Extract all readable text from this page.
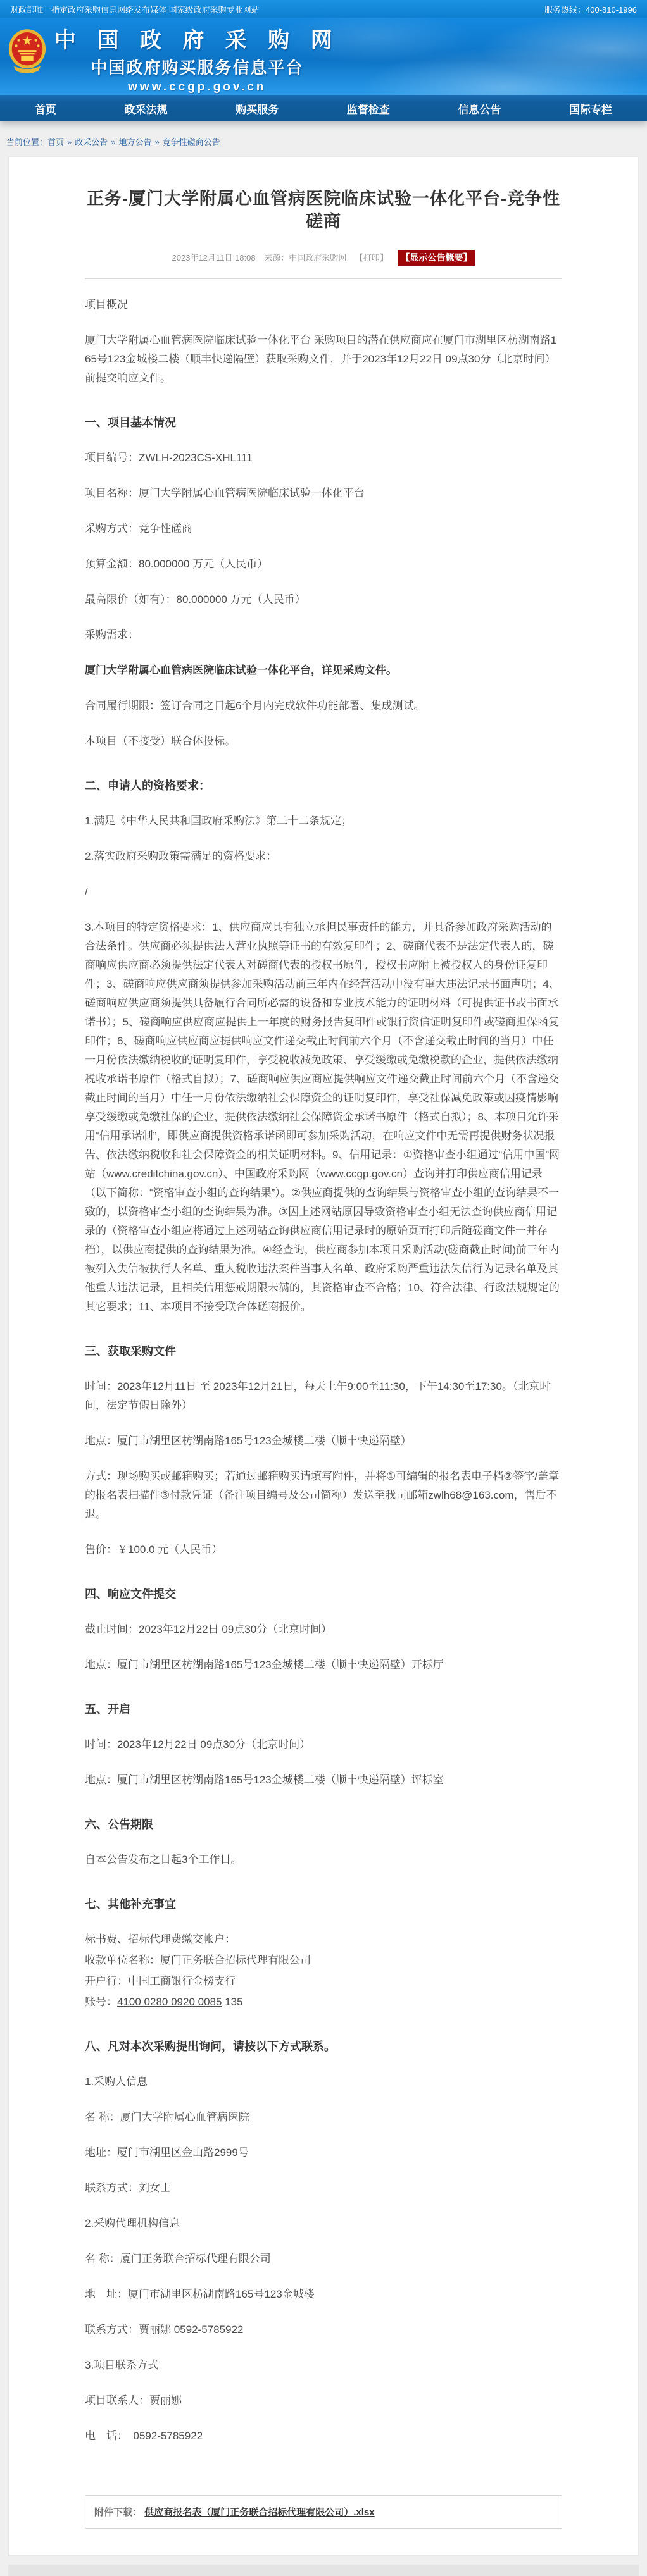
财政部唯一指定政府采购信息网络发布媒体 国家级政府采购专业网站	服务热线：400-810-1996
中 国 政 府 采 购 网
中国政府购买服务信息平台
www.ccgp.gov.cn
首页	政采法规	购买服务	监督检查	信息公告	国际专栏
当前位置：首页 » 政采公告 » 地方公告 » 竞争性磋商公告
正务-厦门大学附属心血管病医院临床试验一体化平台-竞争性磋商
2023年12月11日 18:08 来源：中国政府采购网 【打印】 【显示公告概要】

项目概况

厦门大学附属心血管病医院临床试验一体化平台 采购项目的潜在供应商应在厦门市湖里区枋湖南路165号123金城楼二楼（顺丰快递隔壁）获取采购文件，并于2023年12月22日 09点30分（北京时间）前提交响应文件。

一、项目基本情况

项目编号：ZWLH-2023CS-XHL111

项目名称：厦门大学附属心血管病医院临床试验一体化平台

采购方式：竞争性磋商

预算金额：80.000000 万元（人民币）

最高限价（如有）：80.000000 万元（人民币）

采购需求：

厦门大学附属心血管病医院临床试验一体化平台，详见采购文件。

合同履行期限：签订合同之日起6个月内完成软件功能部署、集成测试。

本项目（不接受）联合体投标。

二、申请人的资格要求：

1.满足《中华人民共和国政府采购法》第二十二条规定；

2.落实政府采购政策需满足的资格要求：

/

3.本项目的特定资格要求：1、供应商应具有独立承担民事责任的能力，并具备参加政府采购活动的合法条件。供应商必须提供法人营业执照等证书的有效复印件；2、磋商代表不是法定代表人的，磋商响应供应商必须提供法定代表人对磋商代表的授权书原件，授权书应附上被授权人的身份证复印件；3、磋商响应供应商须提供参加采购活动前三年内在经营活动中没有重大违法记录书面声明；4、磋商响应供应商须提供具备履行合同所必需的设备和专业技术能力的证明材料（可提供证书或书面承诺书）；5、磋商响应供应商应提供上一年度的财务报告复印件或银行资信证明复印件或磋商担保函复印件；6、磋商响应供应商应提供响应文件递交截止时间前六个月（不含递交截止时间的当月）中任一月份依法缴纳税收的证明复印件，享受税收减免政策、享受缓缴或免缴税款的企业，提供依法缴纳税收承诺书原件（格式自拟）；7、磋商响应供应商应提供响应文件递交截止时间前六个月（不含递交截止时间的当月）中任一月份依法缴纳社会保障资金的证明复印件，享受社保减免政策或因疫情影响享受缓缴或免缴社保的企业，提供依法缴纳社会保障资金承诺书原件（格式自拟）；8、本项目允许采用“信用承诺制”，即供应商提供资格承诺函即可参加采购活动，在响应文件中无需再提供财务状况报告、依法缴纳税收和社会保障资金的相关证明材料。9、信用记录：①资格审查小组通过“信用中国”网站（www.creditchina.gov.cn）、中国政府采购网（www.ccgp.gov.cn）查询并打印供应商信用记录（以下简称：“资格审查小组的查询结果”）。②供应商提供的查询结果与资格审查小组的查询结果不一致的，以资格审查小组的查询结果为准。③因上述网站原因导致资格审查小组无法查询供应商信用记录的（资格审查小组应将通过上述网站查询供应商信用记录时的原始页面打印后随磋商文件一并存档），以供应商提供的查询结果为准。④经查询，供应商参加本项目采购活动(磋商截止时间)前三年内被列入失信被执行人名单、重大税收违法案件当事人名单、政府采购严重违法失信行为记录名单及其他重大违法记录，且相关信用惩戒期限未满的，其资格审查不合格；10、符合法律、行政法规规定的其它要求；11、本项目不接受联合体磋商报价。

三、获取采购文件

时间：2023年12月11日 至 2023年12月21日，每天上午9:00至11:30，下午14:30至17:30。（北京时间，法定节假日除外）

地点：厦门市湖里区枋湖南路165号123金城楼二楼（顺丰快递隔壁）

方式：现场购买或邮箱购买；若通过邮箱购买请填写附件，并将①可编辑的报名表电子档②签字/盖章的报名表扫描件③付款凭证（备注项目编号及公司简称）发送至我司邮箱zwlh68@163.com，售后不退。

售价：￥100.0 元（人民币）

四、响应文件提交

截止时间：2023年12月22日 09点30分（北京时间）

地点：厦门市湖里区枋湖南路165号123金城楼二楼（顺丰快递隔壁）开标厅

五、开启

时间：2023年12月22日 09点30分（北京时间）

地点：厦门市湖里区枋湖南路165号123金城楼二楼（顺丰快递隔壁）评标室

六、公告期限

自本公告发布之日起3个工作日。

七、其他补充事宜

标书费、招标代理费缴交帐户：

收款单位名称：厦门正务联合招标代理有限公司

开户行：中国工商银行金榜支行

账号：4100 0280 0920 0085 135

八、凡对本次采购提出询问，请按以下方式联系。

1.采购人信息

名 称：厦门大学附属心血管病医院

地址：厦门市湖里区金山路2999号

联系方式：刘女士

2.采购代理机构信息

名 称：厦门正务联合招标代理有限公司

地　址：厦门市湖里区枋湖南路165号123金城楼

联系方式：贾丽娜 0592-5785922

3.项目联系方式

项目联系人：贾丽娜

电　话：　0592-5785922

附件下载： 供应商报名表（厦门正务联合招标代理有限公司）.xlsx
